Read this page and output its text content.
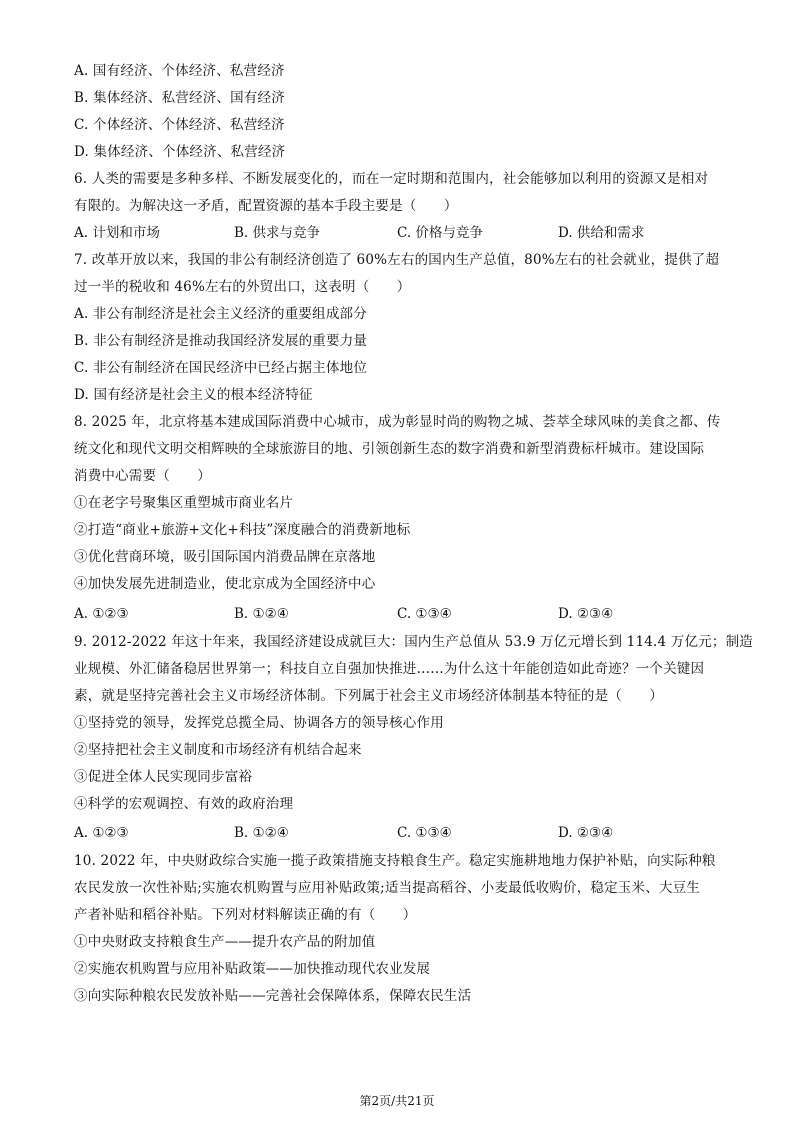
A. 国有经济、个体经济、私营经济
B. 集体经济、私营经济、国有经济
C. 个体经济、个体经济、私营经济
D. 集体经济、个体经济、私营经济
6. 人类的需要是多种多样、不断发展变化的，而在一定时期和范围内，社会能够加以利用的资源又是相对
有限的。为解决这一矛盾，配置资源的基本手段主要是（　　）
A. 计划和市场	B. 供求与竞争	C. 价格与竞争	D. 供给和需求
7. 改革开放以来，我国的非公有制经济创造了 60%左右的国内生产总值，80%左右的社会就业，提供了超
过一半的税收和 46%左右的外贸出口，这表明（　　）
A. 非公有制经济是社会主义经济的重要组成部分
B. 非公有制经济是推动我国经济发展的重要力量
C. 非公有制经济在国民经济中已经占据主体地位
D. 国有经济是社会主义的根本经济特征
8. 2025 年，北京将基本建成国际消费中心城市，成为彰显时尚的购物之城、荟萃全球风味的美食之都、传
统文化和现代文明交相辉映的全球旅游目的地、引领创新生态的数字消费和新型消费标杆城市。建设国际
消费中心需要（　　）
①在老字号聚集区重塑城市商业名片
②打造“商业+旅游+文化+科技”深度融合的消费新地标
③优化营商环境，吸引国际国内消费品牌在京落地
④加快发展先进制造业，使北京成为全国经济中心
A. ①②③	B. ①②④	C. ①③④	D. ②③④
9. 2012-2022 年这十年来，我国经济建设成就巨大：国内生产总值从 53.9 万亿元增长到 114.4 万亿元；制造
业规模、外汇储备稳居世界第一；科技自立自强加快推进……为什么这十年能创造如此奇迹？一个关键因
素，就是坚持完善社会主义市场经济体制。下列属于社会主义市场经济体制基本特征的是（　　）
①坚持党的领导，发挥党总揽全局、协调各方的领导核心作用
②坚持把社会主义制度和市场经济有机结合起来
③促进全体人民实现同步富裕
④科学的宏观调控、有效的政府治理
A. ①②③	B. ①②④	C. ①③④	D. ②③④
10. 2022 年，中央财政综合实施一揽子政策措施支持粮食生产。稳定实施耕地地力保护补贴，向实际种粮
农民发放一次性补贴;实施农机购置与应用补贴政策;适当提高稻谷、小麦最低收购价，稳定玉米、大豆生
产者补贴和稻谷补贴。下列对材料解读正确的有（　　）
①中央财政支持粮食生产——提升农产品的附加值
②实施农机购置与应用补贴政策——加快推动现代农业发展
③向实际种粮农民发放补贴——完善社会保障体系，保障农民生活
第2页/共21页
